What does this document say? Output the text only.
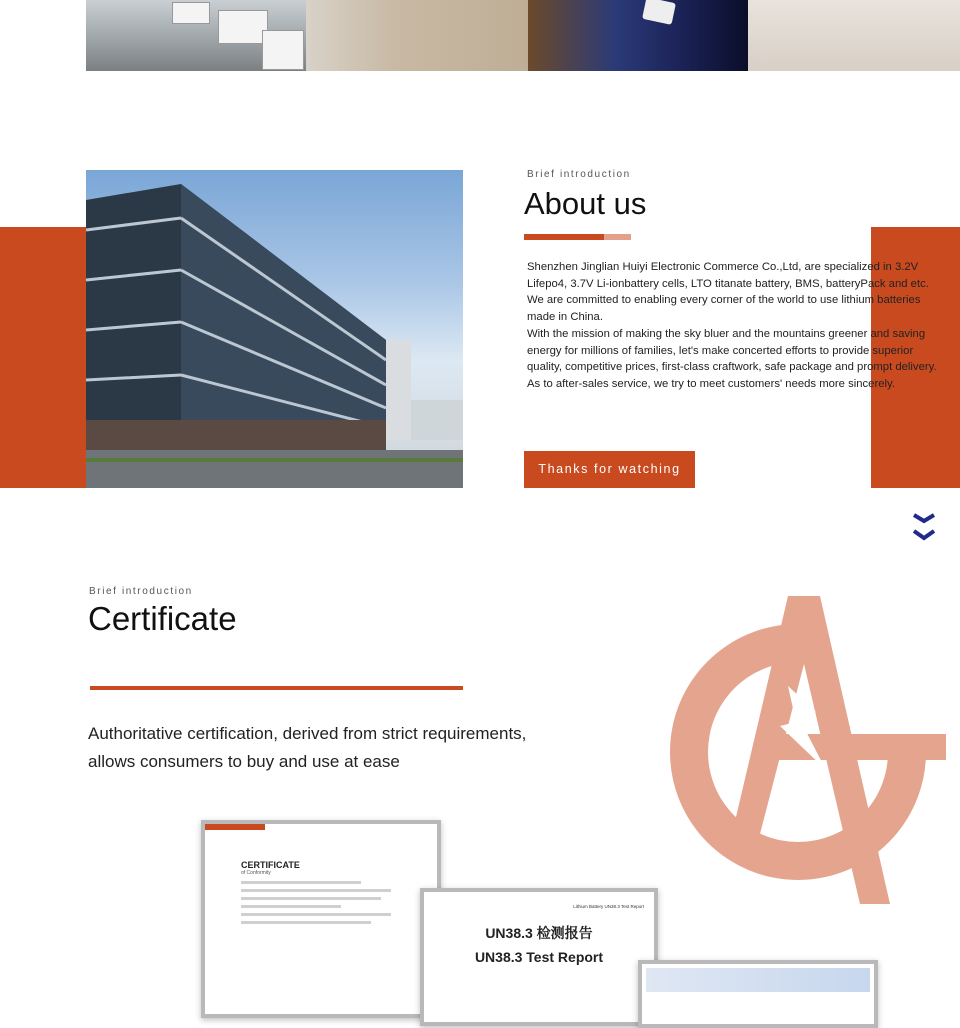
Brief introduction
About us

Shenzhen Jinglian Huiyi Electronic Commerce Co.,Ltd, are specialized in 3.2V Lifepo4, 3.7V Li-ionbattery cells, LTO titanate battery, BMS, batteryPack and etc.

We are committed to enabling every corner of the world to use lithium batteries made in China.

With the mission of making the sky bluer and the mountains greener and saving energy for millions of families, let's make concerted efforts to provide superior quality, competitive prices, first-class craftwork, safe package and prompt delivery.

As to after-sales service, we try to meet customers' needs more sincerely.

Thanks for watching
Brief introduction
Certificate
Authoritative certification, derived from strict requirements,
allows consumers to buy and use at ease
CERTIFICATE
of Conformity
Lithium Battery UN38.3 Test Report
UN38.3 检测报告
UN38.3 Test Report
